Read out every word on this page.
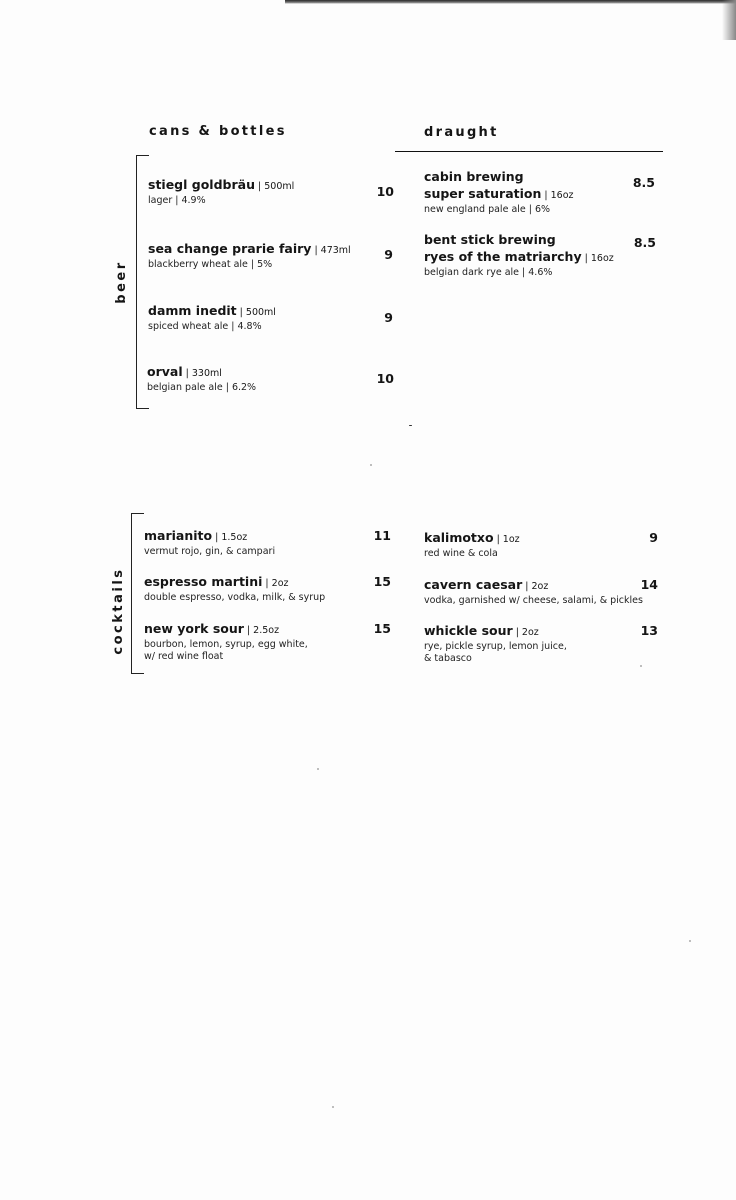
cans & bottles	draught
beer
cocktails
stiegl goldbräu | 500ml
lager | 4.9%
10
sea change prarie fairy | 473ml
blackberry wheat ale | 5%
9
damm inedit | 500ml
spiced wheat ale | 4.8%
9
orval | 330ml
belgian pale ale | 6.2%
10
cabin brewing
super saturation | 16oz
new england pale ale | 6%
8.5
bent stick brewing
ryes of the matriarchy | 16oz
belgian dark rye ale | 4.6%
8.5
marianito | 1.5oz
vermut rojo, gin, & campari
11
espresso martini | 2oz
double espresso, vodka, milk, & syrup
15
new york sour | 2.5oz
bourbon, lemon, syrup, egg white,
w/ red wine float
15
kalimotxo | 1oz
red wine & cola
9
cavern caesar | 2oz
vodka, garnished w/ cheese, salami, & pickles
14
whickle sour | 2oz
rye, pickle syrup, lemon juice,
& tabasco
13
